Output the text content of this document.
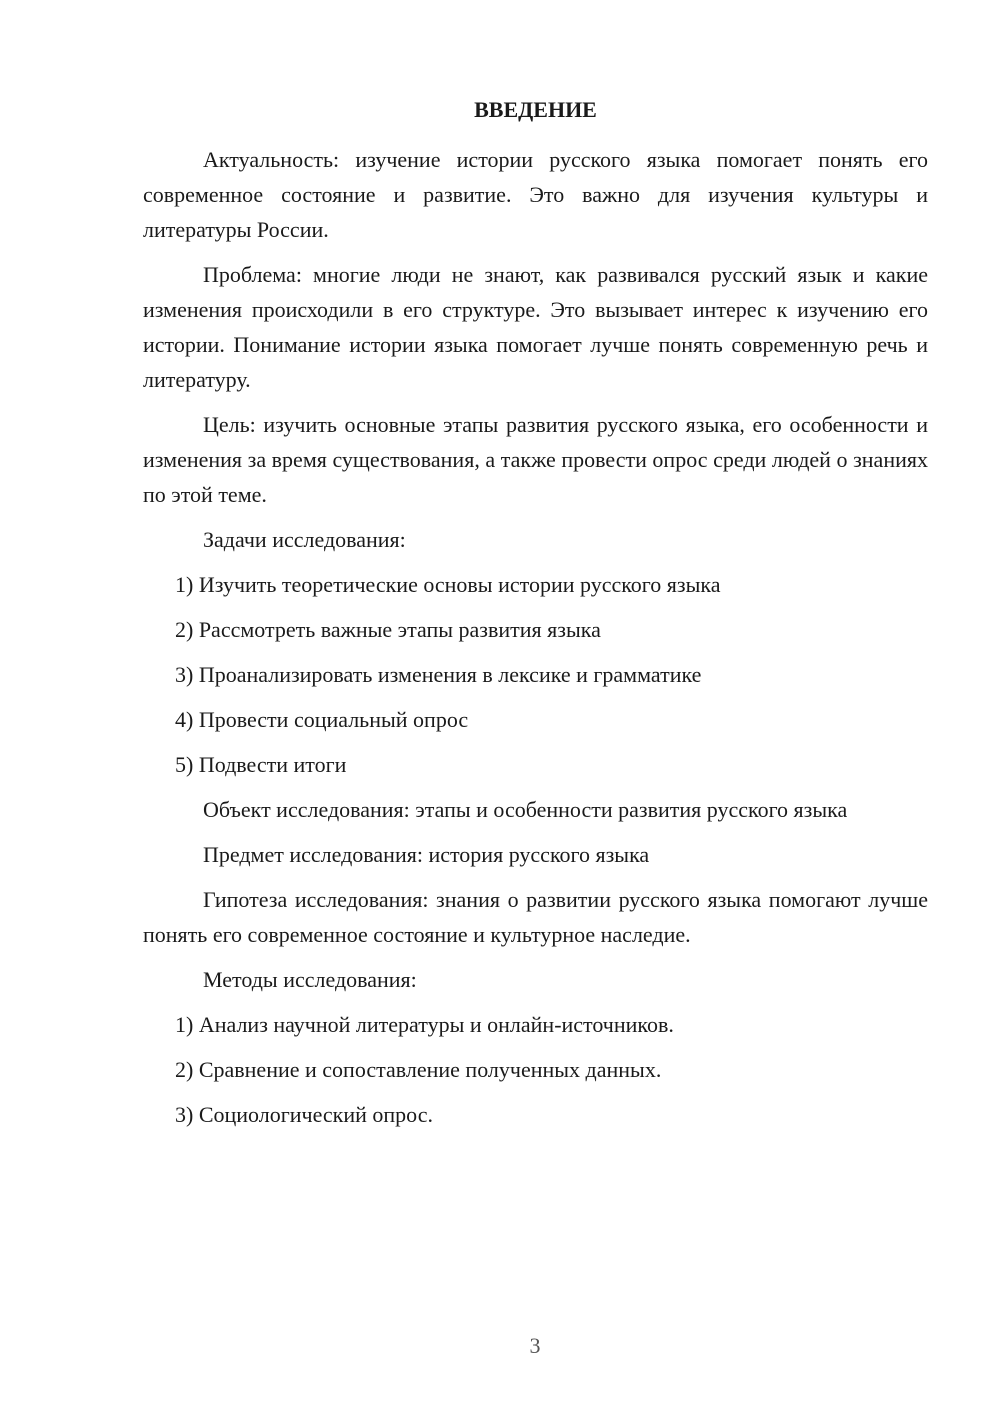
ВВЕДЕНИЕ

Актуальность: изучение истории русского языка помогает понять его современное состояние и развитие. Это важно для изучения культуры и литературы России.

Проблема: многие люди не знают, как развивался русский язык и какие изменения происходили в его структуре. Это вызывает интерес к изучению его истории. Понимание истории языка помогает лучше понять современную речь и литературу.

Цель: изучить основные этапы развития русского языка, его особенности и изменения за время существования, а также провести опрос среди людей о знаниях по этой теме.

Задачи исследования:

1) Изучить теоретические основы истории русского языка
2) Рассмотреть важные этапы развития языка
3) Проанализировать изменения в лексике и грамматике
4) Провести социальный опрос
5) Подвести итоги

Объект исследования: этапы и особенности развития русского языка

Предмет исследования: история русского языка

Гипотеза исследования: знания о развитии русского языка помогают лучше понять его современное состояние и культурное наследие.

Методы исследования:

1) Анализ научной литературы и онлайн-источников.
2) Сравнение и сопоставление полученных данных.
3) Социологический опрос.
3
